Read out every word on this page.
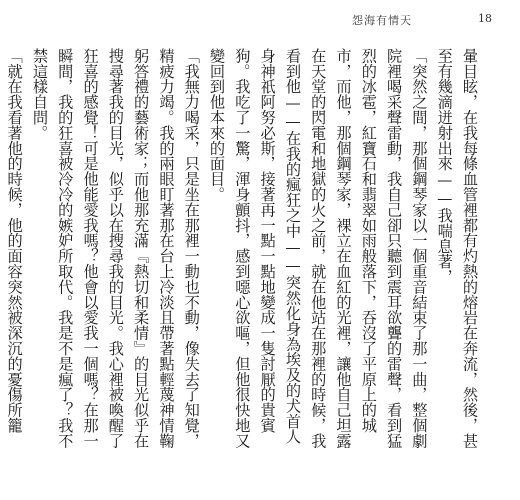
怨海有情天	18

暈目眩，在我每條血管裡都有灼熱的熔岩在奔流，然後，甚至有幾滴迸射出來——我喘息著，

「突然之間，那個鋼琴家以一個重音結束了那一曲，整個劇院裡喝采聲雷動，我自己卻只聽到震耳欲聾的雷聲，看到猛烈的冰雹，紅寶石和翡翠如雨般落下，吞沒了平原上的城市，而他，那個鋼琴家，裸立在血紅的光裡，讓他自己坦露在天堂的閃電和地獄的火之前，就在他站在那裡的時候，我看到他——在我的瘋狂之中——突然化身為埃及的犬首人身神祇阿努必斯，接著再一點一點地變成一隻討厭的貴賓狗。我吃了一驚，渾身顫抖，感到噁心欲嘔，但他很快地又變回到他本來的面目。

「我無力喝采，只是坐在那裡一動也不動，像失去了知覺，精疲力竭。我的兩眼盯著那在台上冷淡且帶著點輕蔑神情鞠躬答禮的藝術家；而他那充滿『熱切和柔情』的目光似乎在搜尋著我的目光，似乎以在搜尋我的目光。我心裡被喚醒了狂喜的感覺！可是他能愛我嗎？他會以愛我一個嗎？在那一瞬間，我的狂喜被冷冷的嫉妒所取代。我是不是瘋了？我不禁這樣自問。

「就在我看著他的時候，他的面容突然被深沉的憂傷所籠
